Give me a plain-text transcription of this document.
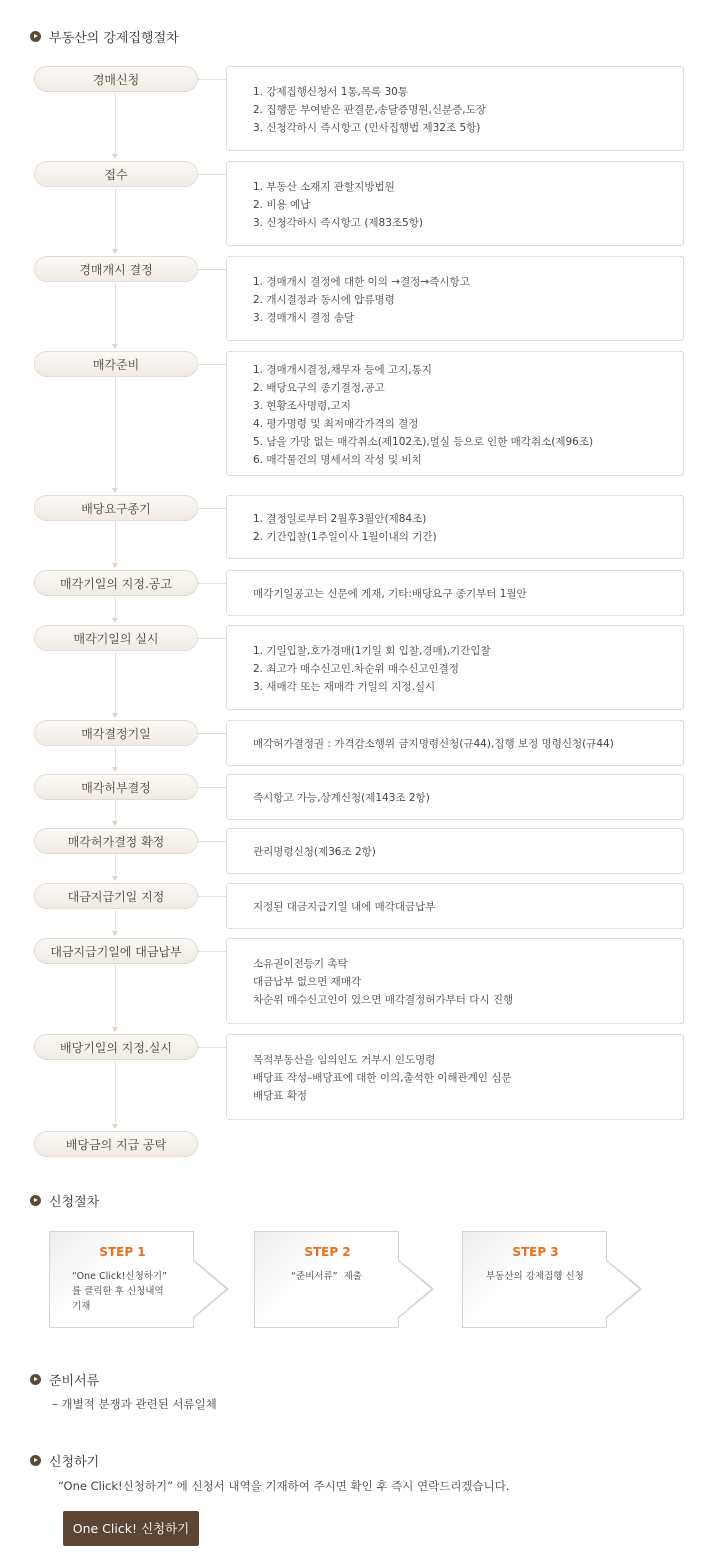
부동산의 강제집행절차
경매신청
1. 강제집행신청서 1통,목록 30통
2. 집행문 부여받은 판결문,송달증명원,신분증,도장
3. 신청각하시 즉시항고 (민사집행법 제32조 5항)
접수
1. 부동산 소재지 관할지방법원
2. 비용 예납
3. 신청각하시 즉시항고 (제83조5항)
경매개시 결정
1. 경매개시 결정에 대한 이의 →결정→즉시항고
2. 개시결정과 동시에 압류명령
3. 경매개시 결정 송달
매각준비	1. 경매개시결정,채무자 등에 고지,통지
2. 배당요구의 종기결정,공고
3. 현황조사명령,고지
4. 평가명령 및 최저매각가격의 결정
5. 남을 가망 없는 매각취소(제102조),멸실 등으로 인한 매각취소(제96조)
6. 매각물건의 명세서의 작성 및 비치
배당요구종기
1. 결정일로부터 2월후3월안(제84조)
2. 기간입찰(1주일이사 1월이내의 기간)
매각기일의 지정.공고
매각기일공고는 신문에 게재, 기타:배당요구 종기부터 1월안
매각기일의 실시
1. 기일입찰,호가경매(1기일 회 입찰,경매),기간입찰
2. 최고가 매수신고인.차순위 매수신고인결정
3. 새매각 또는 재매각 기일의 지정.실시
매각결정기일
매각허가결정권 : 가격감소행위 금지명령신청(규44),집행 보정 명령신청(규44)
매각허부결정
즉시항고 가능,상계신청(제143조 2항)
매각허가결정 확정
관리명령신청(제36조 2항)
대금지급기일 지정
지정된 대금지급기일 내에 매각대금납부
대금지급기일에 대금납부
소유권이전등기 촉탁
대금납부 없으면 재매각
차순위 매수신고인이 있으면 매각결정허가부터 다시 진행
배당기일의 지정.실시
목적부동산을 임의인도 거부시 인도명령
배당표 작성–배당표에 대한 이의,출석한 이해관계인 심문
배당표 확정
배당금의 지급 공탁
신청절차
STEP 1
“One Click!신청하기”
를 클릭한 후 신청내역
기재
STEP 2
“준비서류”  제출
STEP 3
부동산의 강제집행 신청
준비서류
– 개별적 분쟁과 관련된 서류일체
신청하기
“One Click!신청하기” 에 신청서 내역을 기재하여 주시면 확인 후 즉시 연락드리겠습니다.
One Click! 신청하기
